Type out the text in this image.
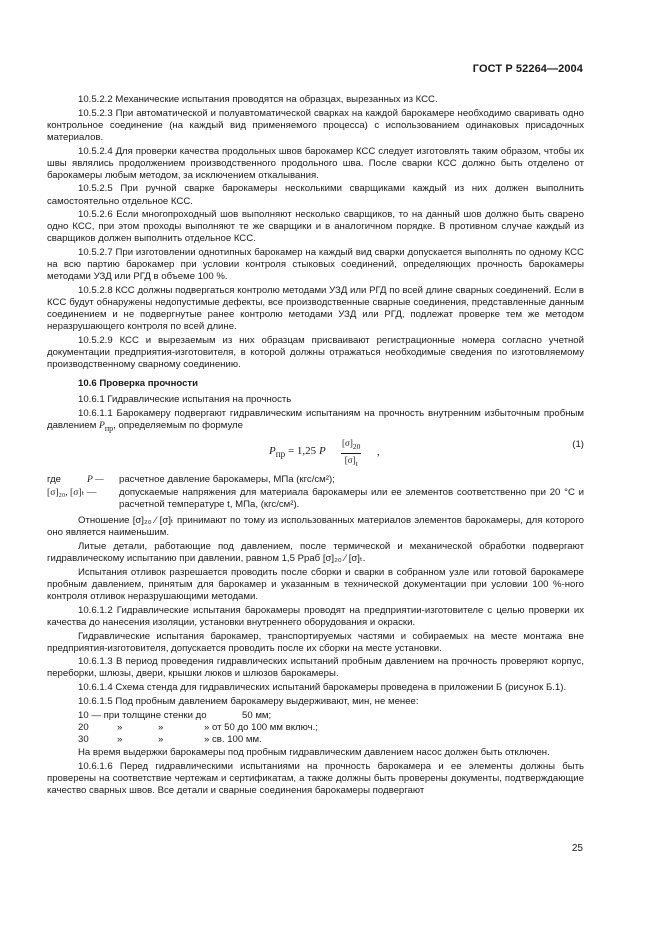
ГОСТ Р 52264—2004

10.5.2.2 Механические испытания проводятся на образцах, вырезанных из КСС.

10.5.2.3 При автоматической и полуавтоматической сварках на каждой барокамере необходимо сваривать одно контрольное соединение (на каждый вид применяемого процесса) с использованием одинаковых присадочных материалов.

10.5.2.4 Для проверки качества продольных швов барокамер КСС следует изготовлять таким образом, чтобы их швы являлись продолжением производственного продольного шва. После сварки КСС должно быть отделено от барокамеры любым методом, за исключением откалывания.

10.5.2.5 При ручной сварке барокамеры несколькими сварщиками каждый из них должен выполнить самостоятельно отдельное КСС.

10.5.2.6 Если многопроходный шов выполняют несколько сварщиков, то на данный шов должно быть сварено одно КСС, при этом проходы выполняют те же сварщики и в аналогичном порядке. В противном случае каждый из сварщиков должен выполнить отдельное КСС.

10.5.2.7 При изготовлении однотипных барокамер на каждый вид сварки допускается выполнять по одному КСС на всю партию барокамер при условии контроля стыковых соединений, определяющих прочность барокамеры методами УЗД или РГД в объеме 100 %.

10.5.2.8 КСС должны подвергаться контролю методами УЗД или РГД по всей длине сварных соединений. Если в КСС будут обнаружены недопустимые дефекты, все производственные сварные соединения, представленные данным соединением и не подвергнутые ранее контролю методами УЗД или РГД, подлежат проверке тем же методом неразрушающего контроля по всей длине.

10.5.2.9 КСС и вырезаемым из них образцам присваивают регистрационные номера согласно учетной документации предприятия-изготовителя, в которой должны отражаться необходимые сведения по изготовляемому производственному сварному соединению.

10.6 Проверка прочности

10.6.1 Гидравлические испытания на прочность

10.6.1.1 Барокамеру подвергают гидравлическим испытаниям на прочность внутренним избыточным пробным давлением $P_{пр}$, определяемым по формуле

$P_{пр} = 1,25$ P $\frac{[\sigma]_{20}}{[\sigma]_t}$ ,
(1)
где	P —	расчетное давление барокамеры, МПа (кгс/см²);
[σ]₂₀, [σ]ₜ —	допускаемые напряжения для материала барокамеры или ее элементов соответственно при 20 °С и расчетной температуре t, МПа, (кгс/см²).

Отношение [σ]₂₀ ⁄ [σ]ₜ принимают по тому из использованных материалов элементов барокамеры, для которого оно является наименьшим.

Литые детали, работающие под давлением, после термической и механической обработки подвергают гидравлическому испытанию при давлении, равном 1,5 Pраб [σ]₂₀ ⁄ [σ]ₜ.

Испытания отливок разрешается проводить после сборки и сварки в собранном узле или готовой барокамере пробным давлением, принятым для барокамер и указанным в технической документации при условии 100 %-ного контроля отливок неразрушающими методами.

10.6.1.2 Гидравлические испытания барокамеры проводят на предприятии-изготовителе с целью проверки их качества до нанесения изоляции, установки внутреннего оборудования и окраски.

Гидравлические испытания барокамер, транспортируемых частями и собираемых на месте монтажа вне предприятия-изготовителя, допускается проводить после их сборки на месте установки.

10.6.1.3 В период проведения гидравлических испытаний пробным давлением на прочность проверяют корпус, переборки, шлюзы, двери, крышки люков и шлюзов барокамеры.

10.6.1.4 Схема стенда для гидравлических испытаний барокамеры проведена в приложении Б (рисунок Б.1).

10.6.1.5 Под пробным давлением барокамеру выдерживают, мин, не менее:

10 — при толщине стенки до	50 мм;
20	»	»	» от 50 до 100 мм включ.;
30	»	»	» св. 100 мм.

На время выдержки барокамеры под пробным гидравлическим давлением насос должен быть отключен.

10.6.1.6 Перед гидравлическими испытаниями на прочность барокамера и ее элементы должны быть проверены на соответствие чертежам и сертификатам, а также должны быть проверены документы, подтверждающие качество сварных швов. Все детали и сварные соединения барокамеры подвергают

25
